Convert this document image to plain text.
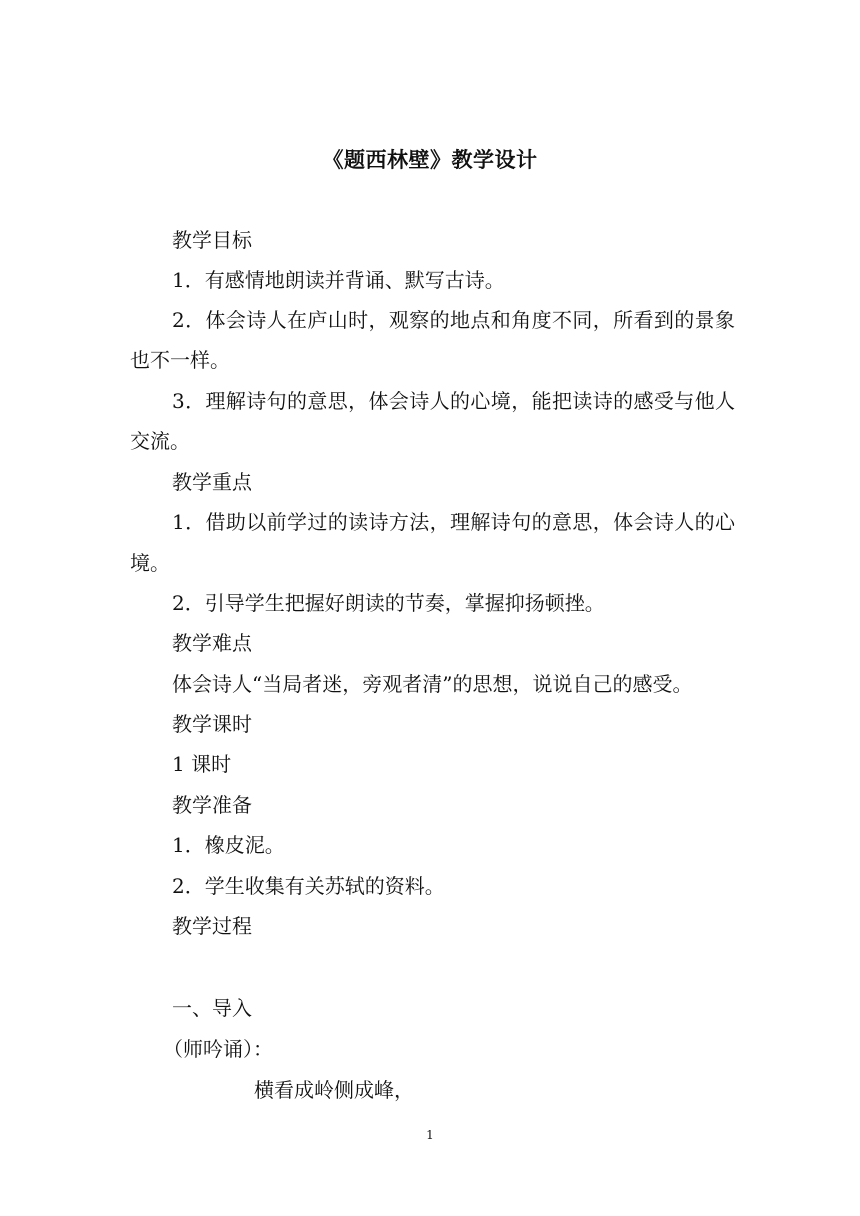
《题西林壁》教学设计
教学目标
1．有感情地朗读并背诵、默写古诗。
2．体会诗人在庐山时，观察的地点和角度不同，所看到的景象
也不一样。
3．理解诗句的意思，体会诗人的心境，能把读诗的感受与他人
交流。
教学重点
1．借助以前学过的读诗方法，理解诗句的意思，体会诗人的心
境。
2．引导学生把握好朗读的节奏，掌握抑扬顿挫。
教学难点
体会诗人“当局者迷，旁观者清”的思想，说说自己的感受。
教学课时
1 课时
教学准备
1．橡皮泥。
2．学生收集有关苏轼的资料。
教学过程
一、导入
（师吟诵）：
横看成岭侧成峰，
1
